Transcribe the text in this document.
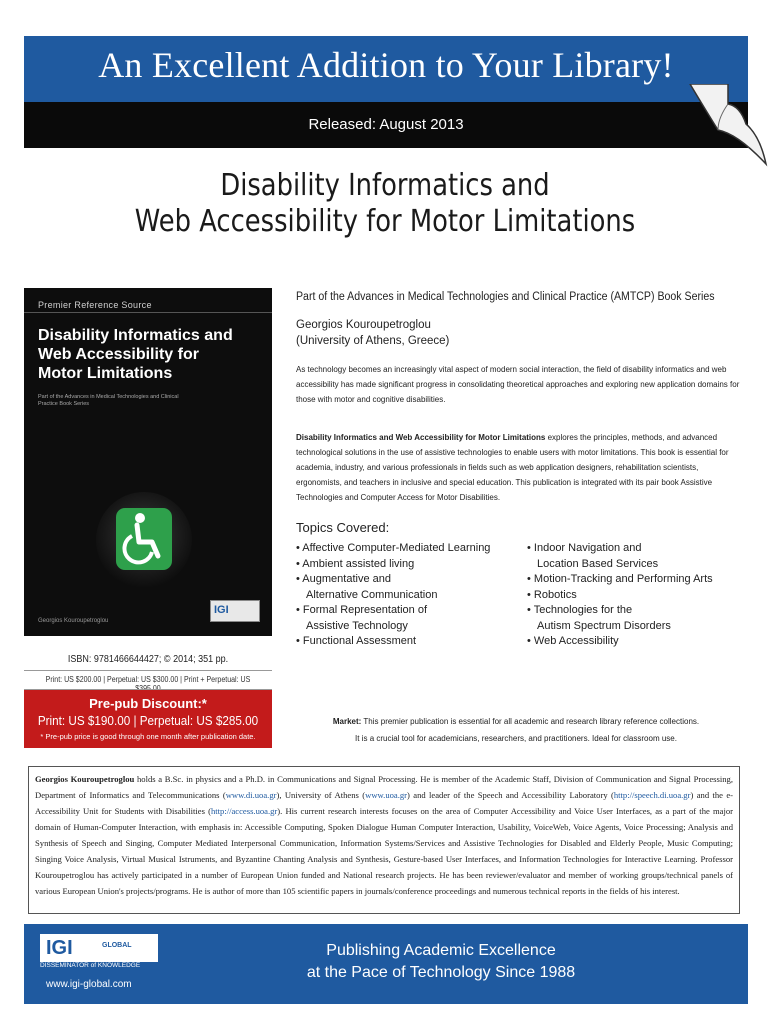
An Excellent Addition to Your Library!
Released: August 2013
Disability Informatics and
Web Accessibility for Motor Limitations
Premier Reference Source
Disability Informatics and
Web Accessibility for
Motor Limitations
Part of the Advances in Medical Technologies and Clinical Practice Book Series
IGI
Georgios Kouroupetroglou
ISBN: 9781466644427; © 2014; 351 pp.
Print: US $200.00 | Perpetual: US $300.00 | Print + Perpetual: US
Pre-pub Discount:*
Print: US $190.00 | Perpetual: US $285.00
* Pre-pub price is good through one month after publication date.
Part of the Advances in Medical Technologies and Clinical Practice (AMTCP) Book Series
Georgios Kouroupetroglou
(University of Athens, Greece)
As technology becomes an increasingly vital aspect of modern social interaction, the field of disability informatics and web accessibility has made significant progress in consolidating theoretical approaches and exploring new application domains for those with motor and cognitive disabilities.
Disability Informatics and Web Accessibility for Motor Limitations explores the principles, methods, and advanced technological solutions in the use of assistive technologies to enable users with motor limitations. This book is essential for academia, industry, and various professionals in fields such as web application designers, rehabilitation scientists, ergonomists, and teachers in inclusive and special education. This publication is integrated with its pair book Assistive Technologies and Computer Access for Motor Disabilities.
Topics Covered:
• Affective Computer-Mediated Learning
• Ambient assisted living
• Augmentative and
Alternative Communication
• Formal Representation of
Assistive Technology
• Functional Assessment
• Indoor Navigation and
Location Based Services
• Motion-Tracking and Performing Arts
• Robotics
• Technologies for the
Autism Spectrum Disorders
• Web Accessibility
Market: This premier publication is essential for all academic and research library reference collections.
It is a crucial tool for academicians, researchers, and practitioners. Ideal for classroom use.
Georgios Kouroupetroglou holds a B.Sc. in physics and a Ph.D. in Communications and Signal Processing. He is member of the Academic Staff, Division of Communication and Signal Processing, Department of Informatics and Telecommunications (www.di.uoa.gr), University of Athens (www.uoa.gr) and leader of the Speech and Accessibility Laboratory (http://speech.di.uoa.gr) and the e-Accessibility Unit for Students with Disabilities (http://access.uoa.gr). His current research interests focuses on the area of Computer Accessibility and Voice User Interfaces, as a part of the major domain of Human-Computer Interaction, with emphasis in: Accessible Computing, Spoken Dialogue Human Computer Interaction, Usability, VoiceWeb, Voice Agents, Voice Processing; Analysis and Synthesis of Speech and Singing, Computer Mediated Interpersonal Communication, Information Systems/Services and Assistive Technologies for Disabled and Elderly People, Music Computing; Singing Voice Analysis, Virtual Musical Istruments, and Byzantine Chanting Analysis and Synthesis, Gesture-based User Interfaces, and Information Technologies for Interactive Learning. Professor Kouroupetroglou has actively participated in a number of European Union funded and National research projects. He has been reviewer/evaluator and member of working groups/technical panels of various European Union's projects/programs. He is author of more than 105 scientific papers in journals/conference proceedings and numerous technical reports in the fields of his interest.
IGI	GLOBAL
DISSEMINATOR of KNOWLEDGE
www.igi-global.com
Publishing Academic Excellence
at the Pace of Technology Since 1988
